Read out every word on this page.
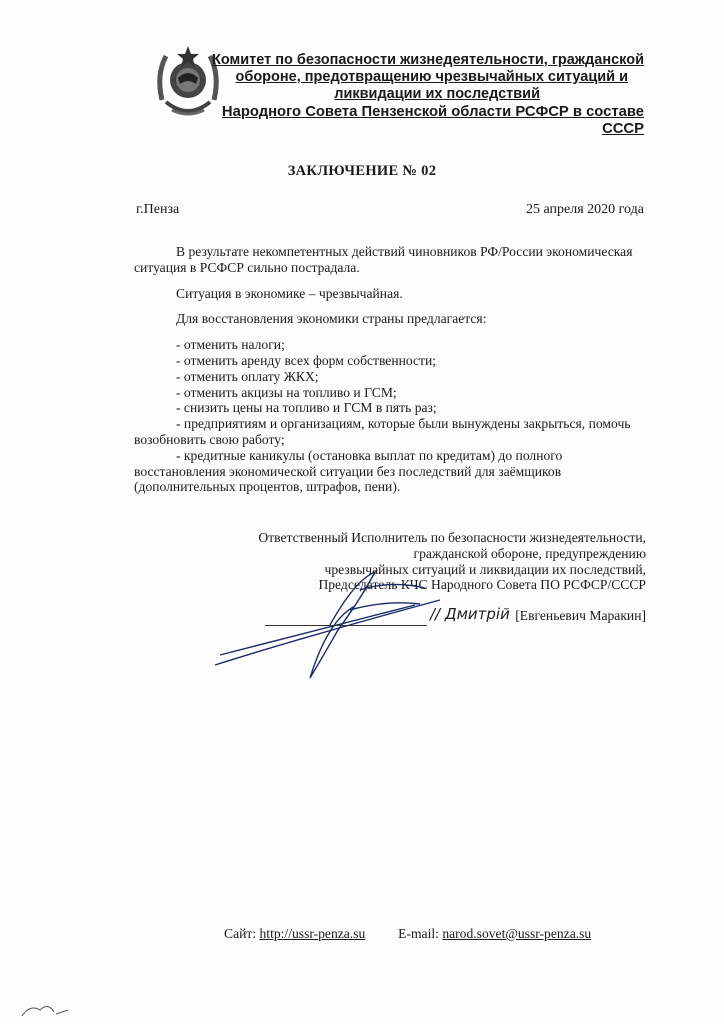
Комитет по безопасности жизнедеятельности, гражданской
обороне, предотвращению чрезвычайных ситуаций и
ликвидации их последствий
Народного Совета Пензенской области РСФСР в составе СССР
ЗАКЛЮЧЕНИЕ № 02
г.Пенза	25 апреля 2020 года

В результате некомпетентных действий чиновников РФ/России экономическая ситуация в РСФСР сильно пострадала.

Ситуация в экономике – чрезвычайная.

Для восстановления экономики страны предлагается:

- отменить налоги;

- отменить аренду всех форм собственности;

- отменить оплату ЖКХ;

- отменить акцизы на топливо и ГСМ;

- снизить цены на топливо и ГСМ в пять раз;

- предприятиям и организациям, которые были вынуждены закрыться, помочь возобновить свою работу;

- кредитные каникулы (остановка выплат по кредитам) до полного восстановления экономической ситуации без последствий для заёмщиков (дополнительных процентов, штрафов, пени).

Ответственный Исполнитель по безопасности жизнедеятельности,

гражданской обороне, предупреждению

чрезвычайных ситуаций и ликвидации их последствий,

Председатель КЧС Народного Совета ПО РСФСР/СССР

// Дмитрій [Евгеньевич Маракин]
Сайт: http://ussr-penza.su E-mail: narod.sovet@ussr-penza.su
